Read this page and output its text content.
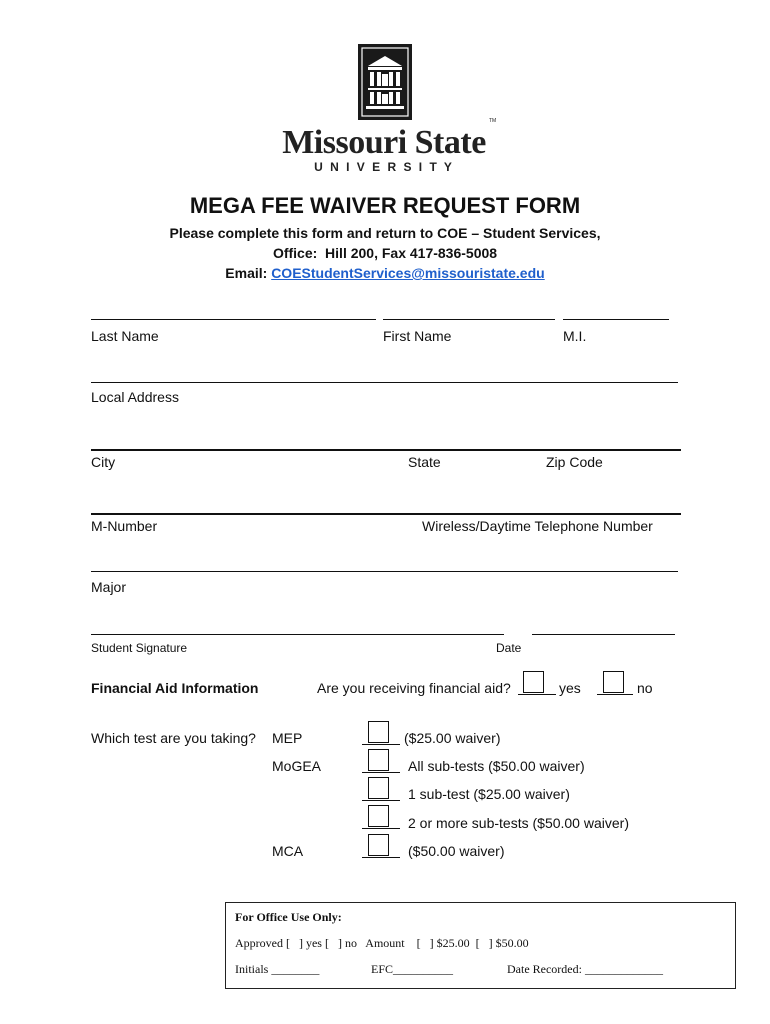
Missouri State
TM
U N I V E R S I T Y
MEGA FEE WAIVER REQUEST FORM
Please complete this form and return to COE – Student Services,
Office:  Hill 200, Fax 417-836-5008
Email: COEStudentServices@missouristate.edu
Last Name	First Name	M.I.
Local Address
City	State	Zip Code
M-Number	Wireless/Daytime Telephone Number
Major
Student Signature	Date
Financial Aid Information	Are you receiving financial aid?	yes	no
Which test are you taking? MEP	($25.00 waiver)
MoGEA	All sub-tests ($50.00 waiver)
1 sub-test ($25.00 waiver)
2 or more sub-tests ($50.00 waiver)
MCA	($50.00 waiver)
For Office Use Only:
Approved [   ] yes [   ] no   Amount    [   ] $25.00  [   ] $50.00
Initials ________	EFC__________	Date Recorded: _____________
